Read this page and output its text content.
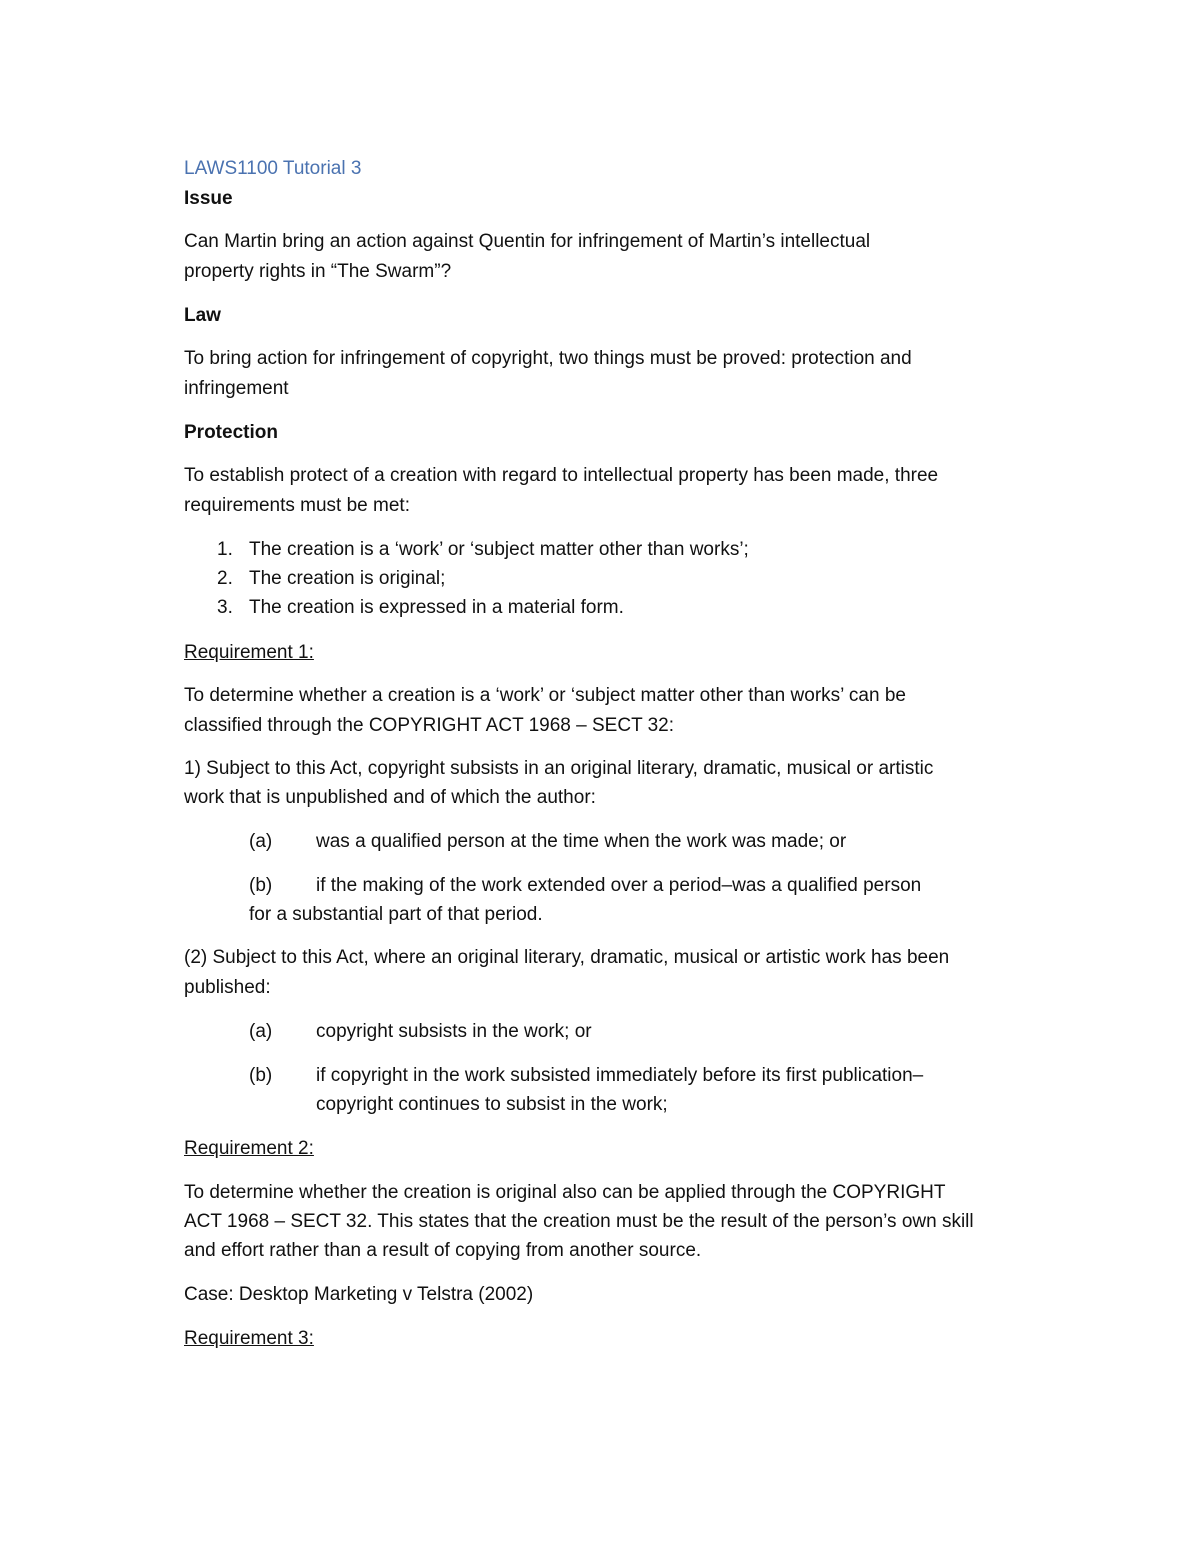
LAWS1100 Tutorial 3
Issue
Can Martin bring an action against Quentin for infringement of Martin’s intellectual
property rights in “The Swarm”?
Law
To bring action for infringement of copyright, two things must be proved: protection and
infringement
Protection
To establish protect of a creation with regard to intellectual property has been made, three
requirements must be met:
1. The creation is a ‘work’ or ‘subject matter other than works’;
2. The creation is original;
3. The creation is expressed in a material form.
Requirement 1:
To determine whether a creation is a ‘work’ or ‘subject matter other than works’ can be
classified through the COPYRIGHT ACT 1968 – SECT 32:
1) Subject to this Act, copyright subsists in an original literary, dramatic, musical or artistic
work that is unpublished and of which the author:
(a) was a qualified person at the time when the work was made; or
(b) if the making of the work extended over a period–was a qualified person
for a substantial part of that period.
(2) Subject to this Act, where an original literary, dramatic, musical or artistic work has been
published:
(a) copyright subsists in the work; or
(b) if copyright in the work subsisted immediately before its first publication–
copyright continues to subsist in the work;
Requirement 2:
To determine whether the creation is original also can be applied through the COPYRIGHT
ACT 1968 – SECT 32. This states that the creation must be the result of the person’s own skill
and effort rather than a result of copying from another source.
Case: Desktop Marketing v Telstra (2002)
Requirement 3:
